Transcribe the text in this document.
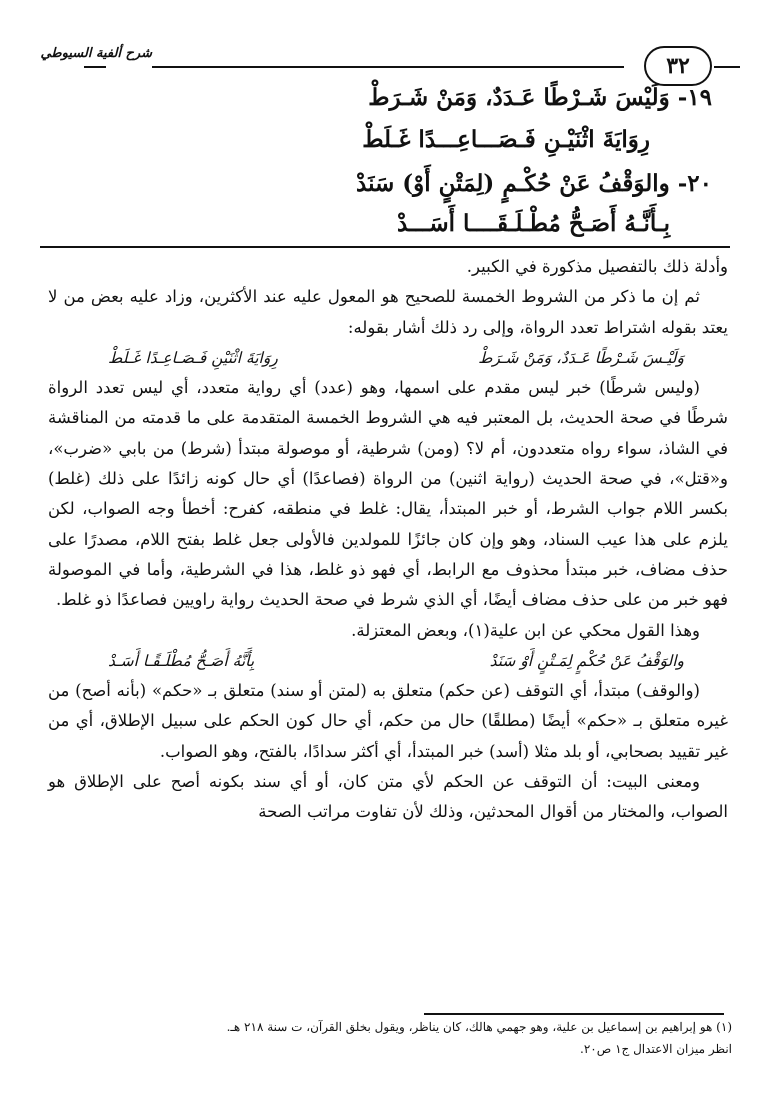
٣٢
شرح ألفية السيوطي
١٩- وَلَيْسَ شَـرْطًا عَـدَدٌ، وَمَنْ شَـرَطْ
رِوَايَةَ اثْنَيْـنِ فَـصَـــاعِـــدًا غَـلَطْ
٢٠- والوَقْفُ عَنْ حُكْـمٍ (لِمَتْنٍ أَوْ) سَنَدْ
بِـأَنَّـهُ أَصَـحُّ مُطْـلَـقَــــا أَسَـــدْ

وأدلة ذلك بالتفصيل مذكورة في الكبير.

ثم إن ما ذكر من الشروط الخمسة للصحيح هو المعول عليه عند الأكثرين، وزاد عليه بعض من لا يعتد بقوله اشتراط تعدد الرواة، وإلى رد ذلك أشار بقوله:

وَلَيْـسَ شَـرْطًا عَـدَدٌ، وَمَنْ شَـرَطْ
رِوَايَةَ اثْنَيْنِ فَـصَـاعِـدًا غَـلَطْ

(وليس شرطًا) خبر ليس مقدم على اسمها، وهو (عدد) أي رواية متعدد، أي ليس تعدد الرواة شرطًا في صحة الحديث، بل المعتبر فيه هي الشروط الخمسة المتقدمة على ما قدمته من المناقشة في الشاذ، سواء رواه متعددون، أم لا؟ (ومن) شرطية، أو موصولة مبتدأ (شرط) من بابي «ضرب»، و«قتل»، في صحة الحديث (رواية اثنين) من الرواة (فصاعدًا) أي حال كونه زائدًا على ذلك (غلط) بكسر اللام جواب الشرط، أو خبر المبتدأ، يقال: غلط في منطقه، كفرح: أخطأ وجه الصواب، لكن يلزم على هذا عيب السناد، وهو وإن كان جائزًا للمولدين فالأولى جعل غلط بفتح اللام، مصدرًا على حذف مضاف، خبر مبتدأ محذوف مع الرابط، أي فهو ذو غلط، هذا في الشرطية، وأما في الموصولة فهو خبر من على حذف مضاف أيضًا، أي الذي شرط في صحة الحديث رواية راويين فصاعدًا ذو غلط.

وهذا القول محكي عن ابن علية(١)، وبعض المعتزلة.

والوَقْفُ عَنْ حُكْمٍ لِمَـتْنٍ أَوْ سَنَدْ
بِأَنَّهُ أَصَـحُّ مُطْلَـقًـا أَسَـدْ

(والوقف) مبتدأ، أي التوقف (عن حكم) متعلق به (لمتن أو سند) متعلق بـ «حكم» (بأنه أصح) من غيره متعلق بـ «حكم» أيضًا (مطلقًا) حال من حكم، أي حال كون الحكم على سبيل الإطلاق، أي من غير تقييد بصحابي، أو بلد مثلا (أسد) خبر المبتدأ، أي أكثر سدادًا، بالفتح، وهو الصواب.

ومعنى البيت: أن التوقف عن الحكم لأي متن كان، أو أي سند بكونه أصح على الإطلاق هو الصواب، والمختار من أقوال المحدثين، وذلك لأن تفاوت مراتب الصحة

(١) هو إبراهيم بن إسماعيل بن علية، وهو جهمي هالك، كان يناظر، ويقول بخلق القرآن، ت سنة ٢١٨ هـ.

انظر ميزان الاعتدال ج١ ص٢٠.
